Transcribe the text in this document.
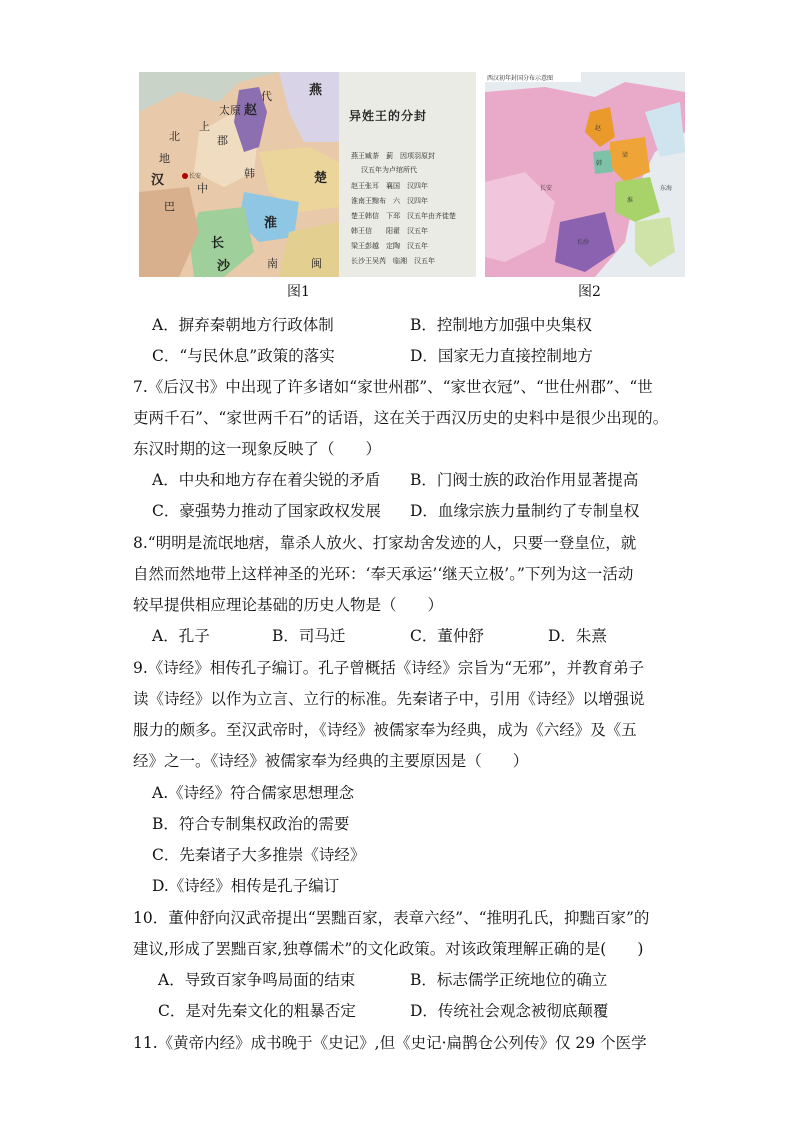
燕
赵
北
上
太原
代
地
郡
汉	长安
巴
中
韩	楚
淮
长
沙	南	闽
异姓王的分封
燕王臧荼　蓟　因项羽原封
汉五年为卢绾所代
赵王张耳　襄国　汉四年
淮南王黥布　六　汉四年
楚王韩信　下邳　汉五年由齐徙楚
韩王信　　阳翟　汉五年
梁王彭越　定陶　汉五年
长沙王吴芮　临湘　汉五年
图1
西汉初年封国分布示意图
赵
梁
韩
长安
长沙
淮
东海
图2
A．摒弃秦朝地方行政体制	B．控制地方加强中央集权
C．“与民休息”政策的落实	D．国家无力直接控制地方
7.《后汉书》中出现了许多诸如“家世州郡”、“家世衣冠”、“世仕州郡”、“世
吏两千石”、“家世两千石”的话语，这在关于西汉历史的史料中是很少出现的。
东汉时期的这一现象反映了（　　）
A．中央和地方存在着尖锐的矛盾 B．门阀士族的政治作用显著提高
C．豪强势力推动了国家政权发展 D．血缘宗族力量制约了专制皇权
8.“明明是流氓地痞，靠杀人放火、打家劫舍发迹的人，只要一登皇位，就
自然而然地带上这样神圣的光环：‘奉天承运’‘继天立极’。”下列为这一活动
较早提供相应理论基础的历史人物是（　　）
A．孔子	B．司马迁	C．董仲舒	D．朱熹
9.《诗经》相传孔子编订。孔子曾概括《诗经》宗旨为“无邪”，并教育弟子
读《诗经》以作为立言、立行的标准。先秦诸子中，引用《诗经》以增强说
服力的颇多。至汉武帝时，《诗经》被儒家奉为经典，成为《六经》及《五
经》之一。《诗经》被儒家奉为经典的主要原因是（　　）
A.《诗经》符合儒家思想理念
B．符合专制集权政治的需要
C．先秦诸子大多推崇《诗经》
D.《诗经》相传是孔子编订
10．董仲舒向汉武帝提出“罢黜百家，表章六经”、“推明孔氏，抑黜百家”的
建议,形成了罢黜百家,独尊儒术”的文化政策。对该政策理解正确的是(　　)
A．导致百家争鸣局面的结束	B．标志儒学正统地位的确立
C．是对先秦文化的粗暴否定	D．传统社会观念被彻底颠覆
11.《黄帝内经》成书晚于《史记》,但《史记·扁鹊仓公列传》仅 29 个医学
